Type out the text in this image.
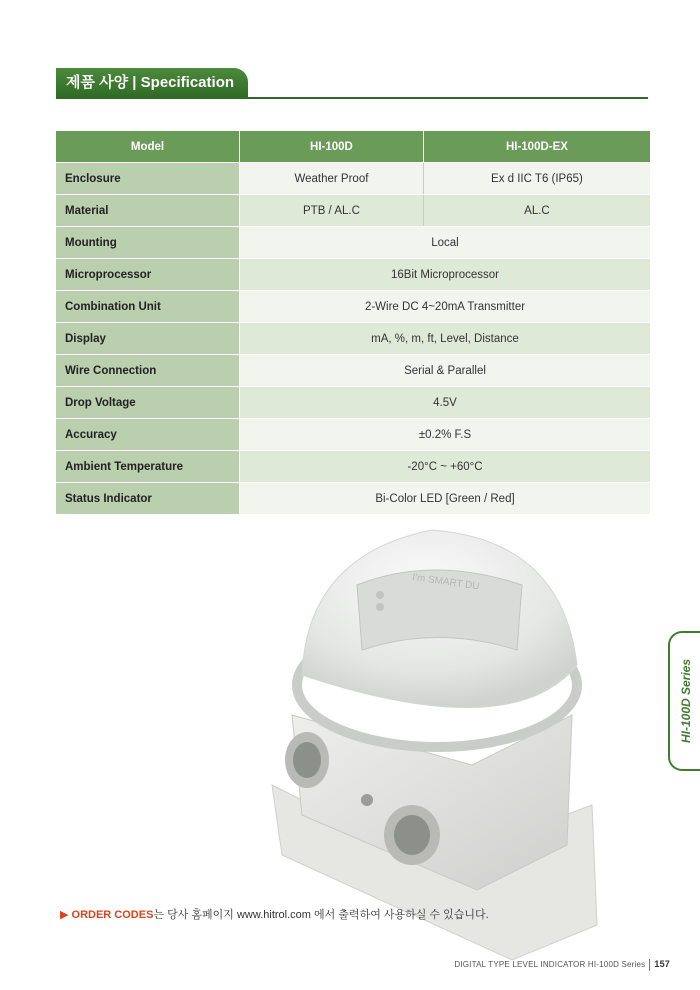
제품 사양 | Specification
Model	HI-100D	HI-100D-EX
Enclosure	Weather Proof	Ex d IIC T6 (IP65)
Material	PTB / AL.C	AL.C
Mounting	Local	
Microprocessor	16Bit Microprocessor	
Combination Unit	2-Wire DC 4~20mA Transmitter	
Display	mA, %, m, ft, Level, Distance	
Wire Connection	Serial & Parallel	
Drop Voltage	4.5V	
Accuracy	±0.2% F.S	
Ambient Temperature	-20°C ~ +60°C	
Status Indicator	Bi-Color LED [Green / Red]	
HI-100D Series
I'm SMART DU
▶ ORDER CODES는 당사 홈페이지 www.hitrol.com 에서 출력하여 사용하실 수 있습니다.
DIGITAL TYPE LEVEL INDICATOR HI-100D Series 157
